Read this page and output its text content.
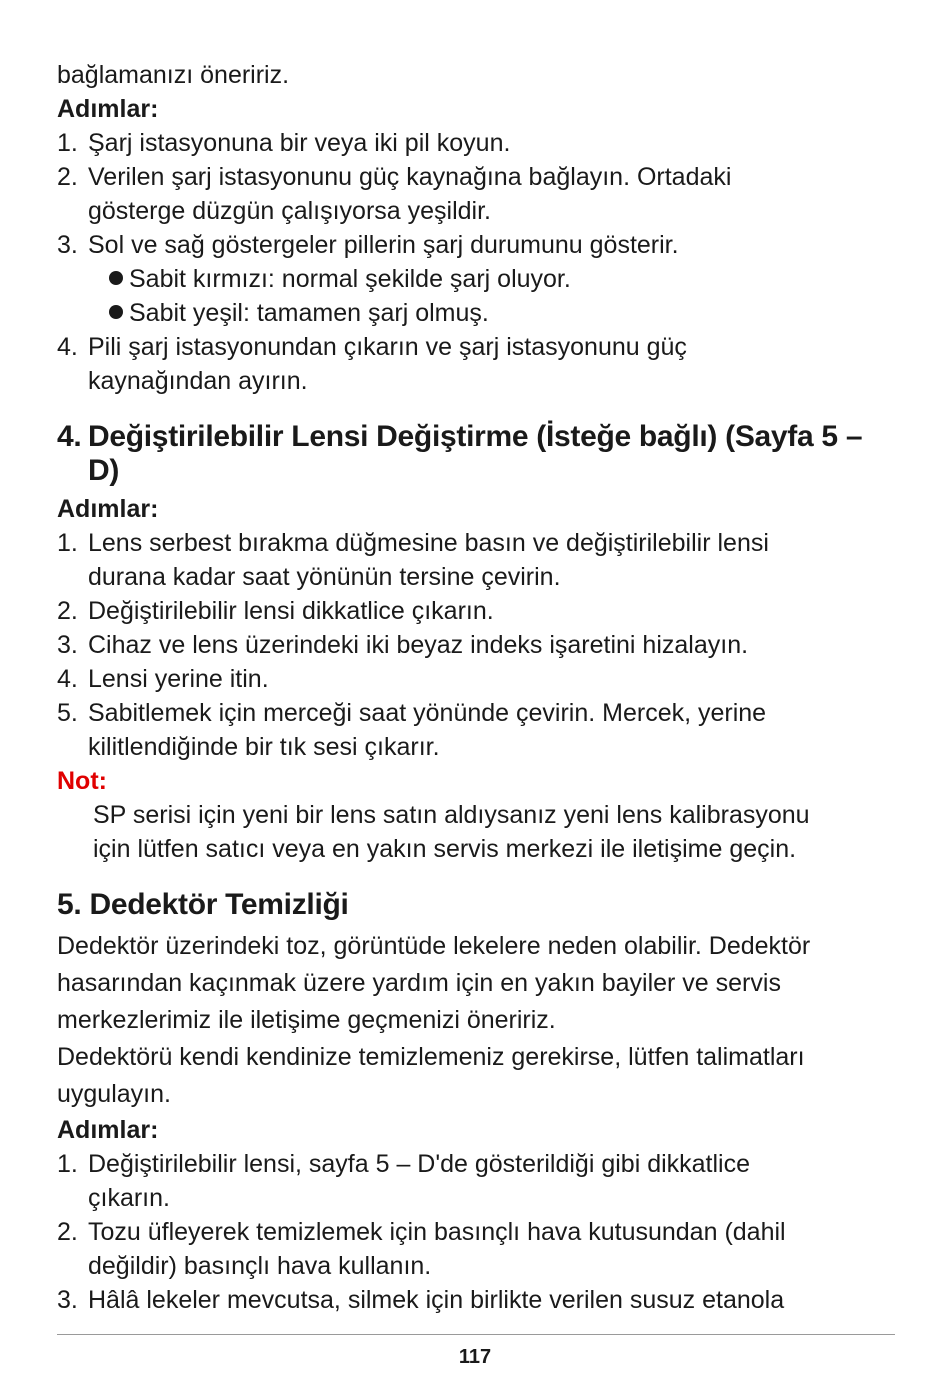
bağlamanızı öneririz.
Adımlar:
1. Şarj istasyonuna bir veya iki pil koyun.
2. Verilen şarj istasyonunu güç kaynağına bağlayın. Ortadaki
gösterge düzgün çalışıyorsa yeşildir.
3. Sol ve sağ göstergeler pillerin şarj durumunu gösterir.
Sabit kırmızı: normal şekilde şarj oluyor.
Sabit yeşil: tamamen şarj olmuş.
4. Pili şarj istasyonundan çıkarın ve şarj istasyonunu güç
kaynağından ayırın.
4. Değiştirilebilir Lensi Değiştirme (İsteğe bağlı) (Sayfa 5 –
D)
Adımlar:
1. Lens serbest bırakma düğmesine basın ve değiştirilebilir lensi
durana kadar saat yönünün tersine çevirin.
2. Değiştirilebilir lensi dikkatlice çıkarın.
3. Cihaz ve lens üzerindeki iki beyaz indeks işaretini hizalayın.
4. Lensi yerine itin.
5. Sabitlemek için merceği saat yönünde çevirin. Mercek, yerine
kilitlendiğinde bir tık sesi çıkarır.
Not:
SP serisi için yeni bir lens satın aldıysanız yeni lens kalibrasyonu
için lütfen satıcı veya en yakın servis merkezi ile iletişime geçin.
5. Dedektör Temizliği
Dedektör üzerindeki toz, görüntüde lekelere neden olabilir. Dedektör
hasarından kaçınmak üzere yardım için en yakın bayiler ve servis
merkezlerimiz ile iletişime geçmenizi öneririz.
Dedektörü kendi kendinize temizlemeniz gerekirse, lütfen talimatları
uygulayın.
Adımlar:
1. Değiştirilebilir lensi, sayfa 5 – D'de gösterildiği gibi dikkatlice
çıkarın.
2. Tozu üfleyerek temizlemek için basınçlı hava kutusundan (dahil
değildir) basınçlı hava kullanın.
3. Hâlâ lekeler mevcutsa, silmek için birlikte verilen susuz etanola
117
